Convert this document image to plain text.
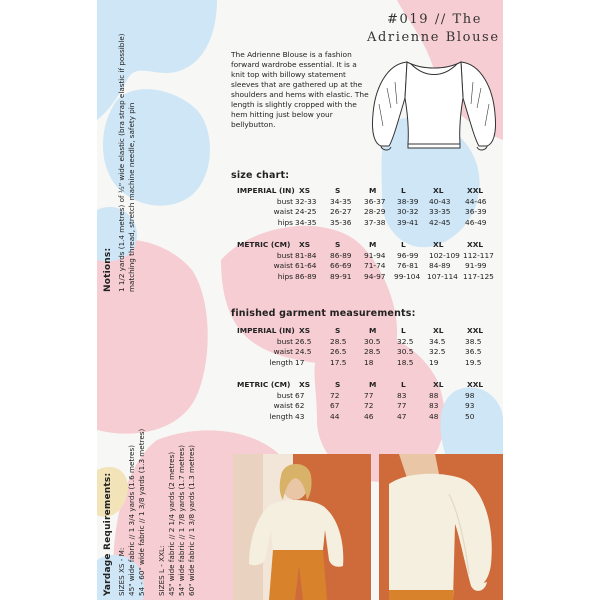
Notions: 1 1/2 yards (1.4 metres) of ½" wide elastic (bra strap elastic if possible) matching thread, stretch machine needle, safety pin
Yardage Requirements: SIZES XS - M: 45" wide fabric // 1 3/4 yards (1.6 metres) 54 - 60" wide fabric // 1 3/8 yards (1.3 metres)
SIZES L - XXL: 45" wide fabric // 2 1/4 yards (2 metres) 54" wide fabric // 1 7/8 yards (1.7 metres) 60" wide fabric // 1 3/8 yards (1.3 metres)
#019 // The
Adrienne Blouse
The Adrienne Blouse is a fashion forward wardrobe essential. It is a knit top with billowy statement sleeves that are gathered up at the shoulders and hems with elastic. The length is slightly cropped with the hem hitting just below your bellybutton.
size chart:
IMPERIAL (IN) XS	S	M	L	XL	XXL
bust 32-33 34-35 36-37 38-39 40-43 44-46
waist 24-25 26-27 28-29 30-32 33-35 36-39
hips 34-35 35-36 37-38 39-41 42-45 46-49
METRIC (CM) XS	S	M	L	XL	XXL
bust 81-84 86-89 91-94 96-99 102-109 112-117
waist 61-64 66-69 71-74 76-81 84-89 91-99
hips 86-89 89-91 94-97 99-104 107-114 117-125
finished garment measurements:
IMPERIAL (IN) XS	S	M	L	XL	XXL
bust 26.5	28.5 30.5 32.5 34.5	38.5
waist 24.5	26.5 28.5 30.5 32.5	36.5
length 17	17.5 18	18.5 19	19.5
METRIC (CM) XS	S	M	L	XL	XXL
bust 67	72	77	83	88	98
waist 62	67	72	77	83	93
length 43	44	46	47	48	50
